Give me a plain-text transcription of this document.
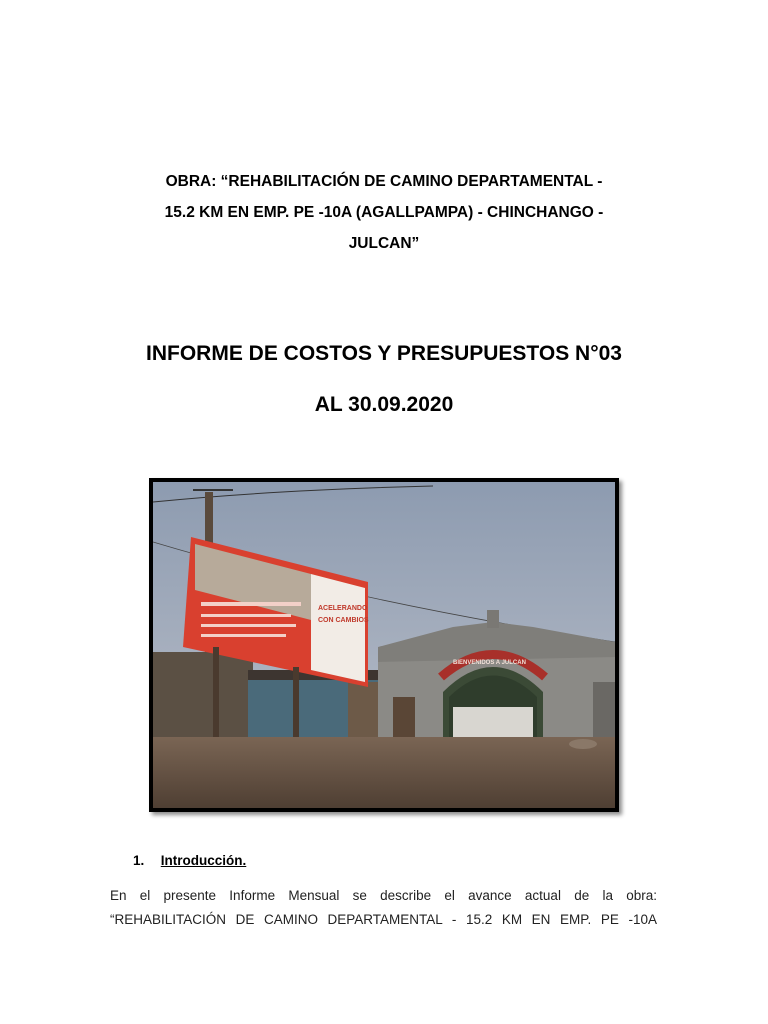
OBRA: “REHABILITACIÓN DE CAMINO DEPARTAMENTAL -
15.2 KM EN EMP. PE -10A (AGALLPAMPA) - CHINCHANGO -
JULCAN”
INFORME DE COSTOS Y PRESUPUESTOS N°03
AL 30.09.2020
ACELERANDO
CON CAMBIOS
BIENVENIDOS A JULCAN
1. Introducción.
En el presente Informe Mensual se describe el avance actual de la obra:
“REHABILITACIÓN DE CAMINO DEPARTAMENTAL - 15.2 KM EN EMP. PE -10A
